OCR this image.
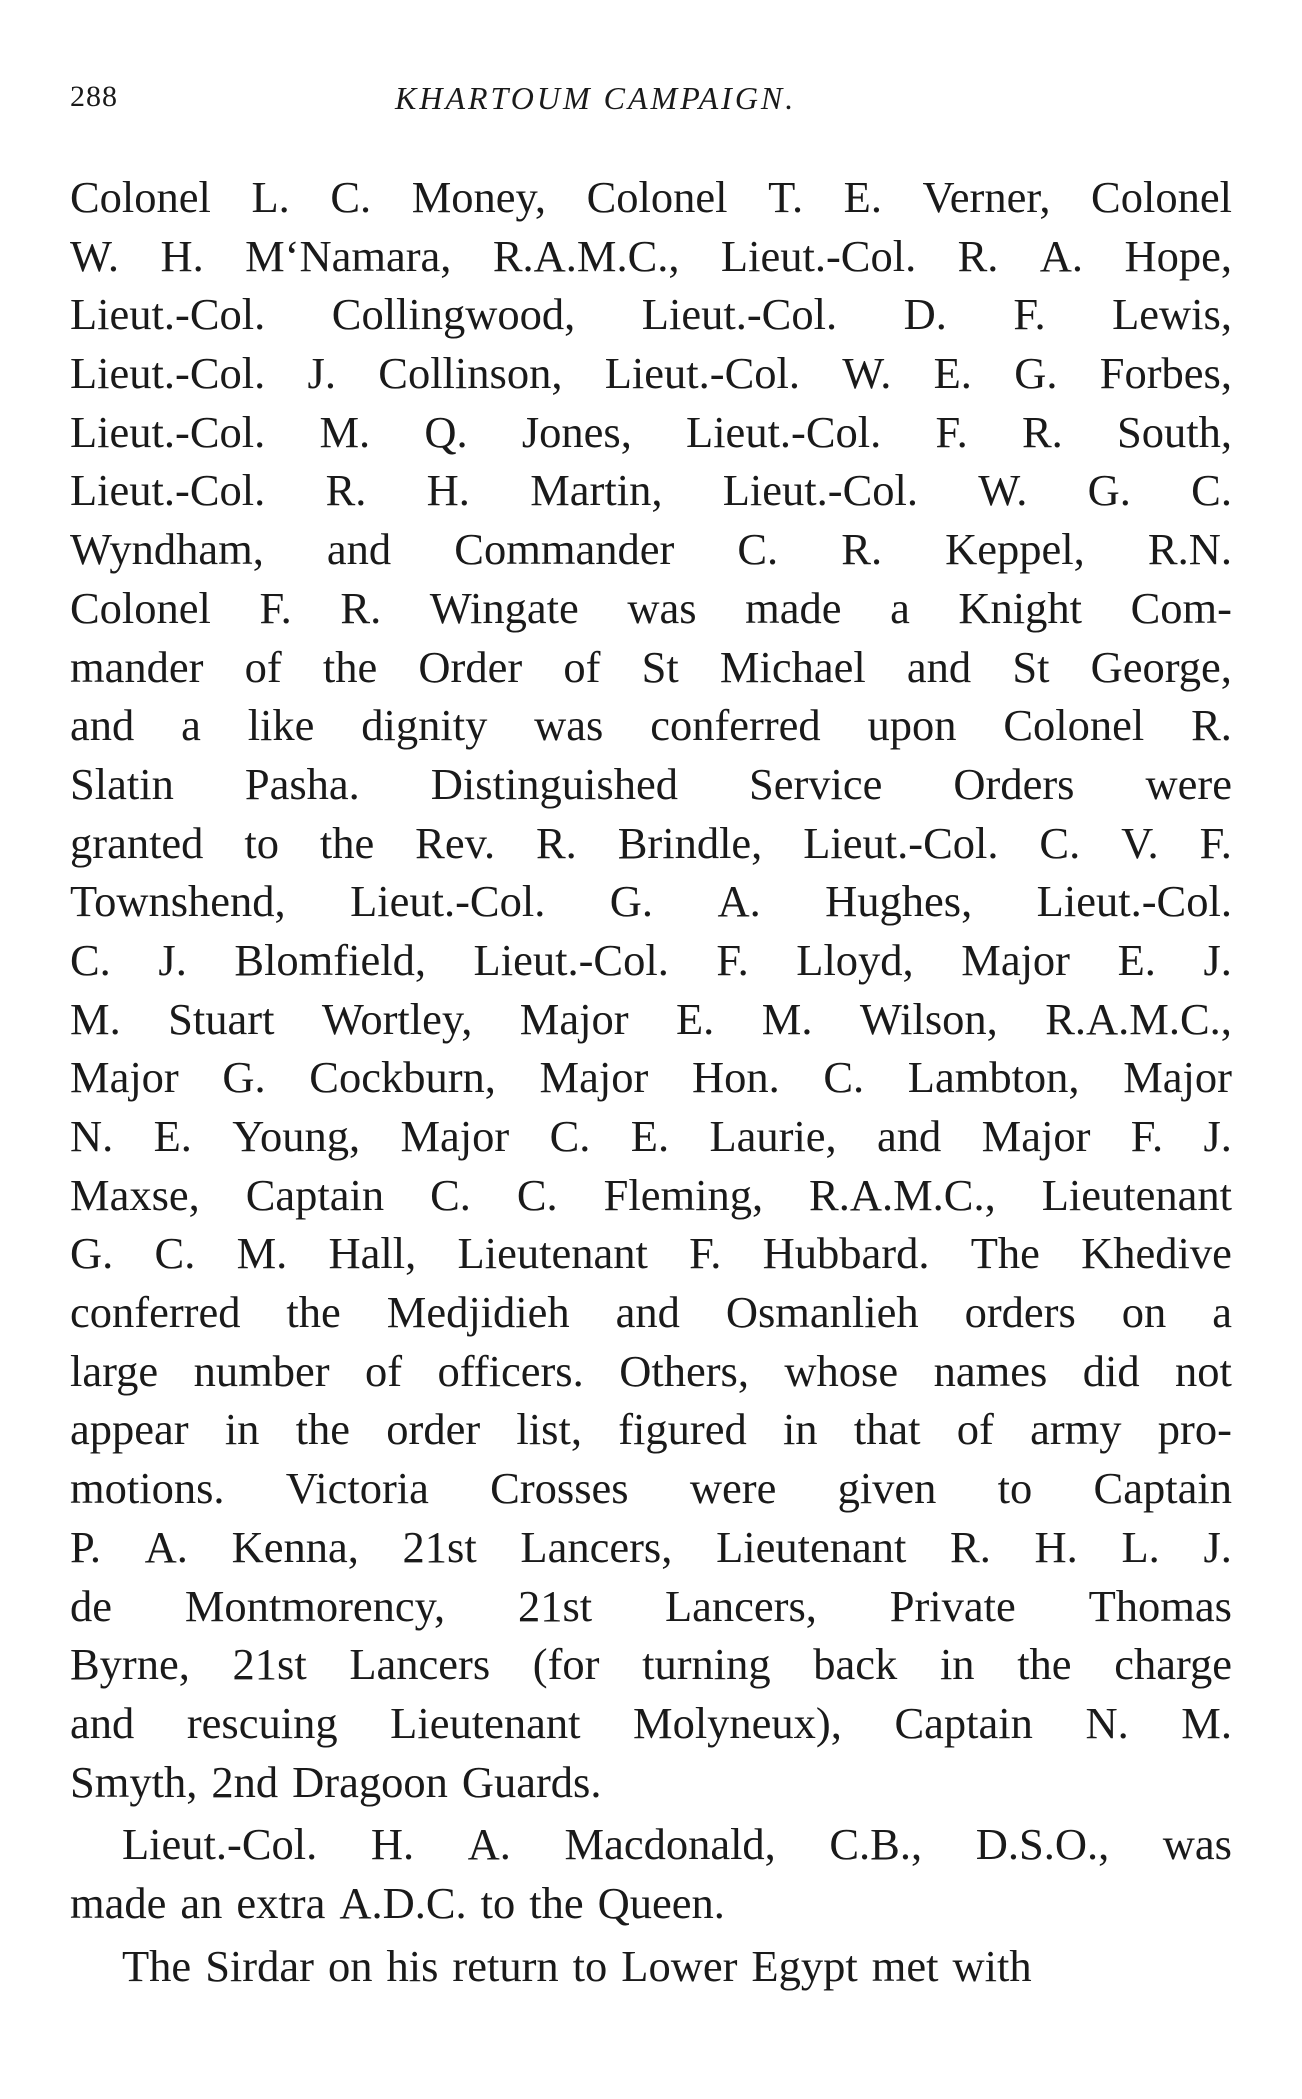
288	KHARTOUM CAMPAIGN.
Colonel L. C. Money, Colonel T. E. Verner, Colonel
W. H. M‘Namara, R.A.M.C., Lieut.-Col. R. A. Hope,
Lieut.-Col. Collingwood, Lieut.-Col. D. F. Lewis,
Lieut.-Col. J. Collinson, Lieut.-Col. W. E. G. Forbes,
Lieut.-Col. M. Q. Jones, Lieut.-Col. F. R. South,
Lieut.-Col. R. H. Martin, Lieut.-Col. W. G. C.
Wyndham, and Commander C. R. Keppel, R.N.
Colonel F. R. Wingate was made a Knight Com-
mander of the Order of St Michael and St George,
and a like dignity was conferred upon Colonel R.
Slatin Pasha. Distinguished Service Orders were
granted to the Rev. R. Brindle, Lieut.-Col. C. V. F.
Townshend, Lieut.-Col. G. A. Hughes, Lieut.-Col.
C. J. Blomfield, Lieut.-Col. F. Lloyd, Major E. J.
M. Stuart Wortley, Major E. M. Wilson, R.A.M.C.,
Major G. Cockburn, Major Hon. C. Lambton, Major
N. E. Young, Major C. E. Laurie, and Major F. J.
Maxse, Captain C. C. Fleming, R.A.M.C., Lieutenant
G. C. M. Hall, Lieutenant F. Hubbard. The Khedive
conferred the Medjidieh and Osmanlieh orders on a
large number of officers. Others, whose names did not
appear in the order list, figured in that of army pro-
motions. Victoria Crosses were given to Captain
P. A. Kenna, 21st Lancers, Lieutenant R. H. L. J.
de Montmorency, 21st Lancers, Private Thomas
Byrne, 21st Lancers (for turning back in the charge
and rescuing Lieutenant Molyneux), Captain N. M.
Smyth, 2nd Dragoon Guards.
Lieut.-Col. H. A. Macdonald, C.B., D.S.O., was
made an extra A.D.C. to the Queen.
The Sirdar on his return to Lower Egypt met with
